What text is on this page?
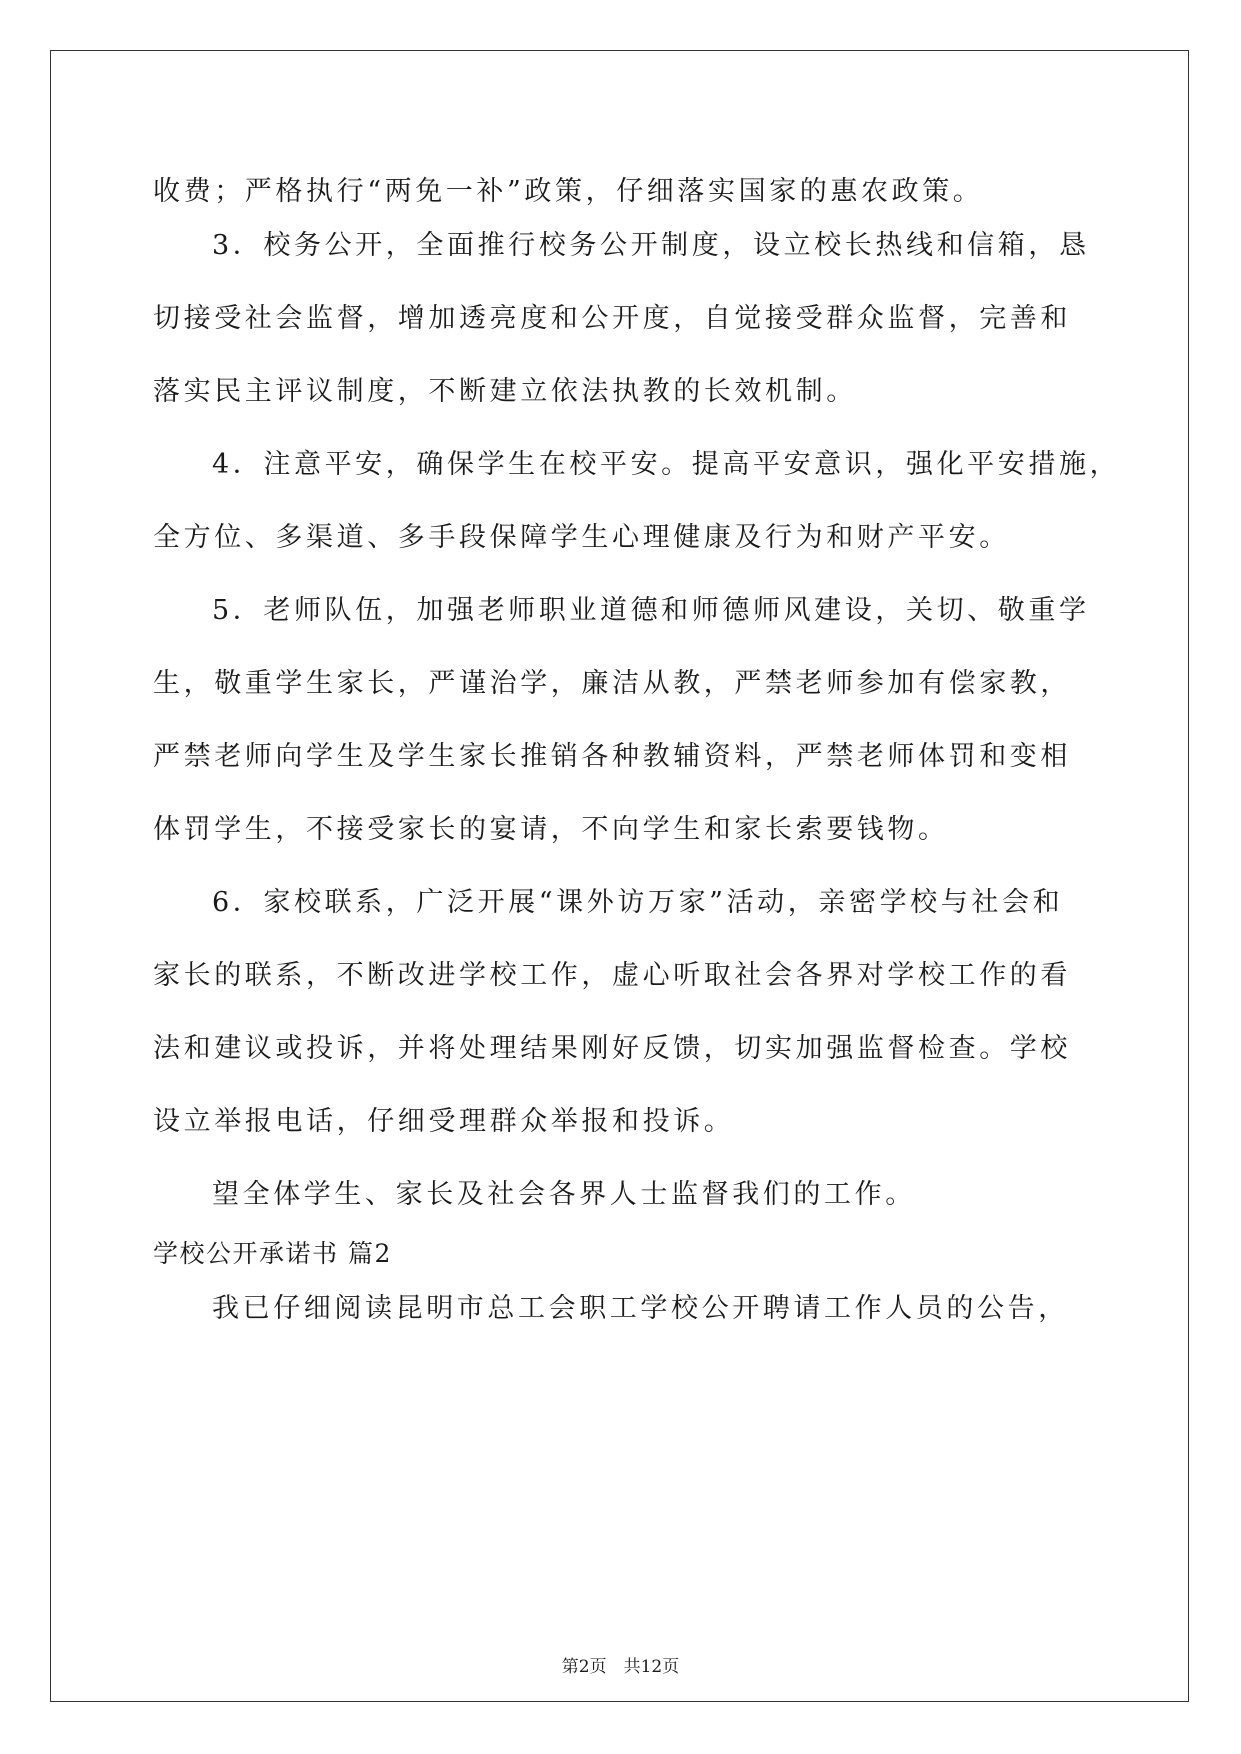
收费；严格执行“两免一补”政策，仔细落实国家的惠农政策。
3．校务公开，全面推行校务公开制度，设立校长热线和信箱，恳
切接受社会监督，增加透亮度和公开度，自觉接受群众监督，完善和
落实民主评议制度，不断建立依法执教的长效机制。
4．注意平安，确保学生在校平安。提高平安意识，强化平安措施，
全方位、多渠道、多手段保障学生心理健康及行为和财产平安。
5．老师队伍，加强老师职业道德和师德师风建设，关切、敬重学
生，敬重学生家长，严谨治学，廉洁从教，严禁老师参加有偿家教，
严禁老师向学生及学生家长推销各种教辅资料，严禁老师体罚和变相
体罚学生，不接受家长的宴请，不向学生和家长索要钱物。
6．家校联系，广泛开展“课外访万家”活动，亲密学校与社会和
家长的联系，不断改进学校工作，虚心听取社会各界对学校工作的看
法和建议或投诉，并将处理结果刚好反馈，切实加强监督检查。学校
设立举报电话，仔细受理群众举报和投诉。
望全体学生、家长及社会各界人士监督我们的工作。
学校公开承诺书 篇2
我已仔细阅读昆明市总工会职工学校公开聘请工作人员的公告，
第2页　共12页
